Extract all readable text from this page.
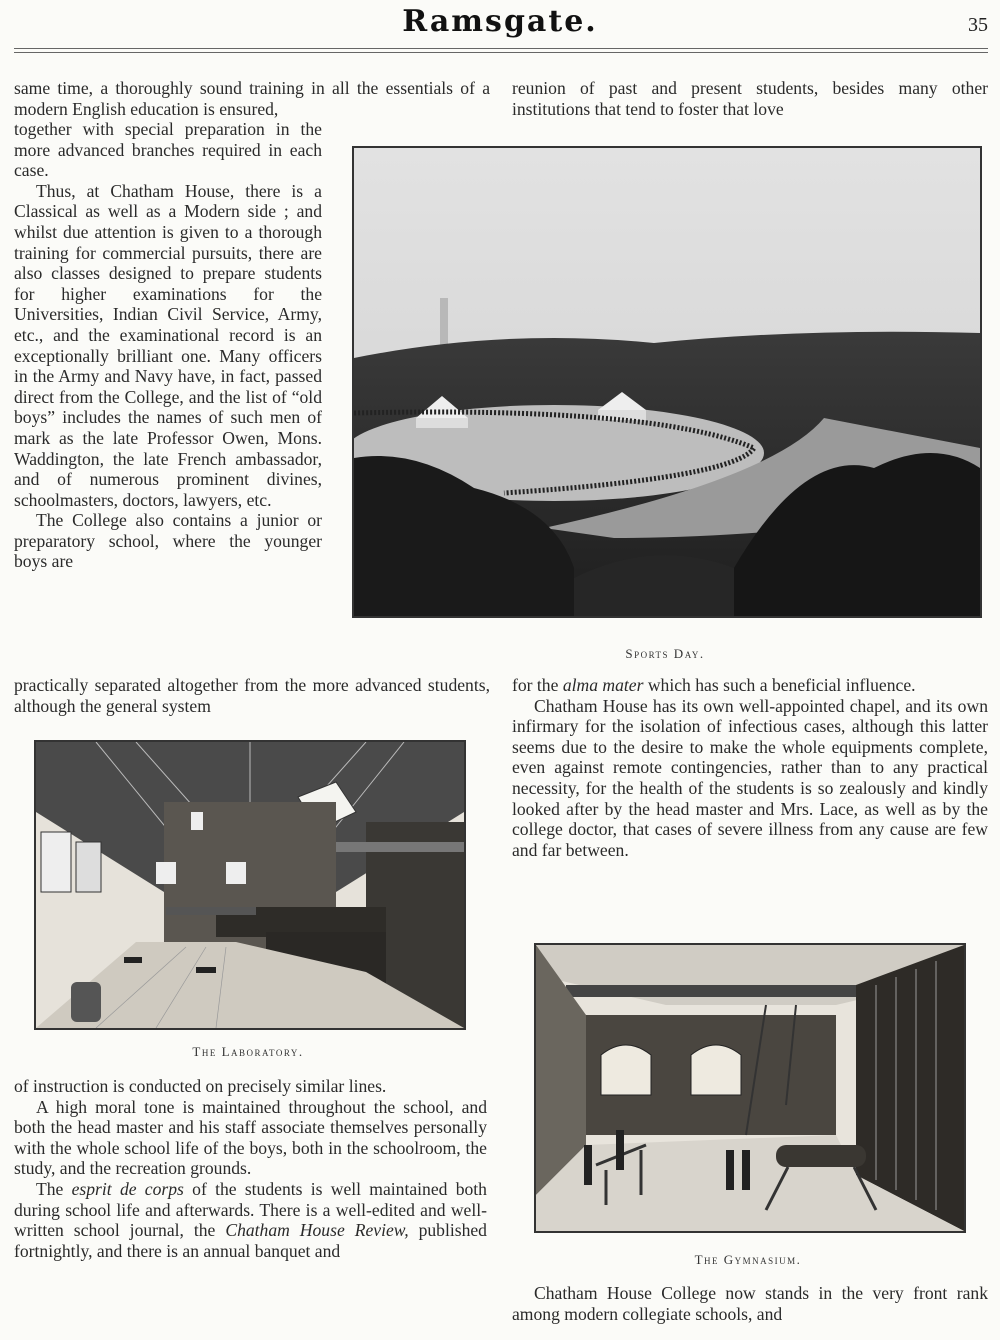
Ramsgate.	35

same time, a thoroughly sound training in all the essentials of a modern English education is ensured,

together with special preparation in the more advanced branches required in each case.

Thus, at Chatham House, there is a Classical as well as a Modern side ; and whilst due attention is given to a thorough training for commercial pursuits, there are also classes designed to prepare students for higher examinations for the Universities, Indian Civil Service, Army, etc., and the examinational record is an exceptionally brilliant one. Many officers in the Army and Navy have, in fact, passed direct from the College, and the list of “old boys” includes the names of such men of mark as the late Professor Owen, Mons. Waddington, the late French ambassador, and of numerous prominent divines, schoolmasters, doctors, lawyers, etc.

The College also contains a junior or preparatory school, where the younger boys are

practically separated altogether from the more advanced students, although the general system

The Laboratory.

of instruction is conducted on precisely similar lines.

A high moral tone is maintained throughout the school, and both the head master and his staff associate themselves personally with the whole school life of the boys, both in the schoolroom, the study, and the recreation grounds.

The esprit de corps of the students is well maintained both during school life and afterwards. There is a well-edited and well-written school journal, the Chatham House Review, published fortnightly, and there is an annual banquet and

reunion of past and present students, besides many other institutions that tend to foster that love

Sports Day.

for the alma mater which has such a beneficial influence.

Chatham House has its own well-appointed chapel, and its own infirmary for the isolation of infectious cases, although this latter seems due to the desire to make the whole equipments complete, even against remote contingencies, rather than to any practical necessity, for the health of the students is so zealously and kindly looked after by the head master and Mrs. Lace, as well as by the college doctor, that cases of severe illness from any cause are few and far between.

The Gymnasium.

Chatham House College now stands in the very front rank among modern collegiate schools, and
